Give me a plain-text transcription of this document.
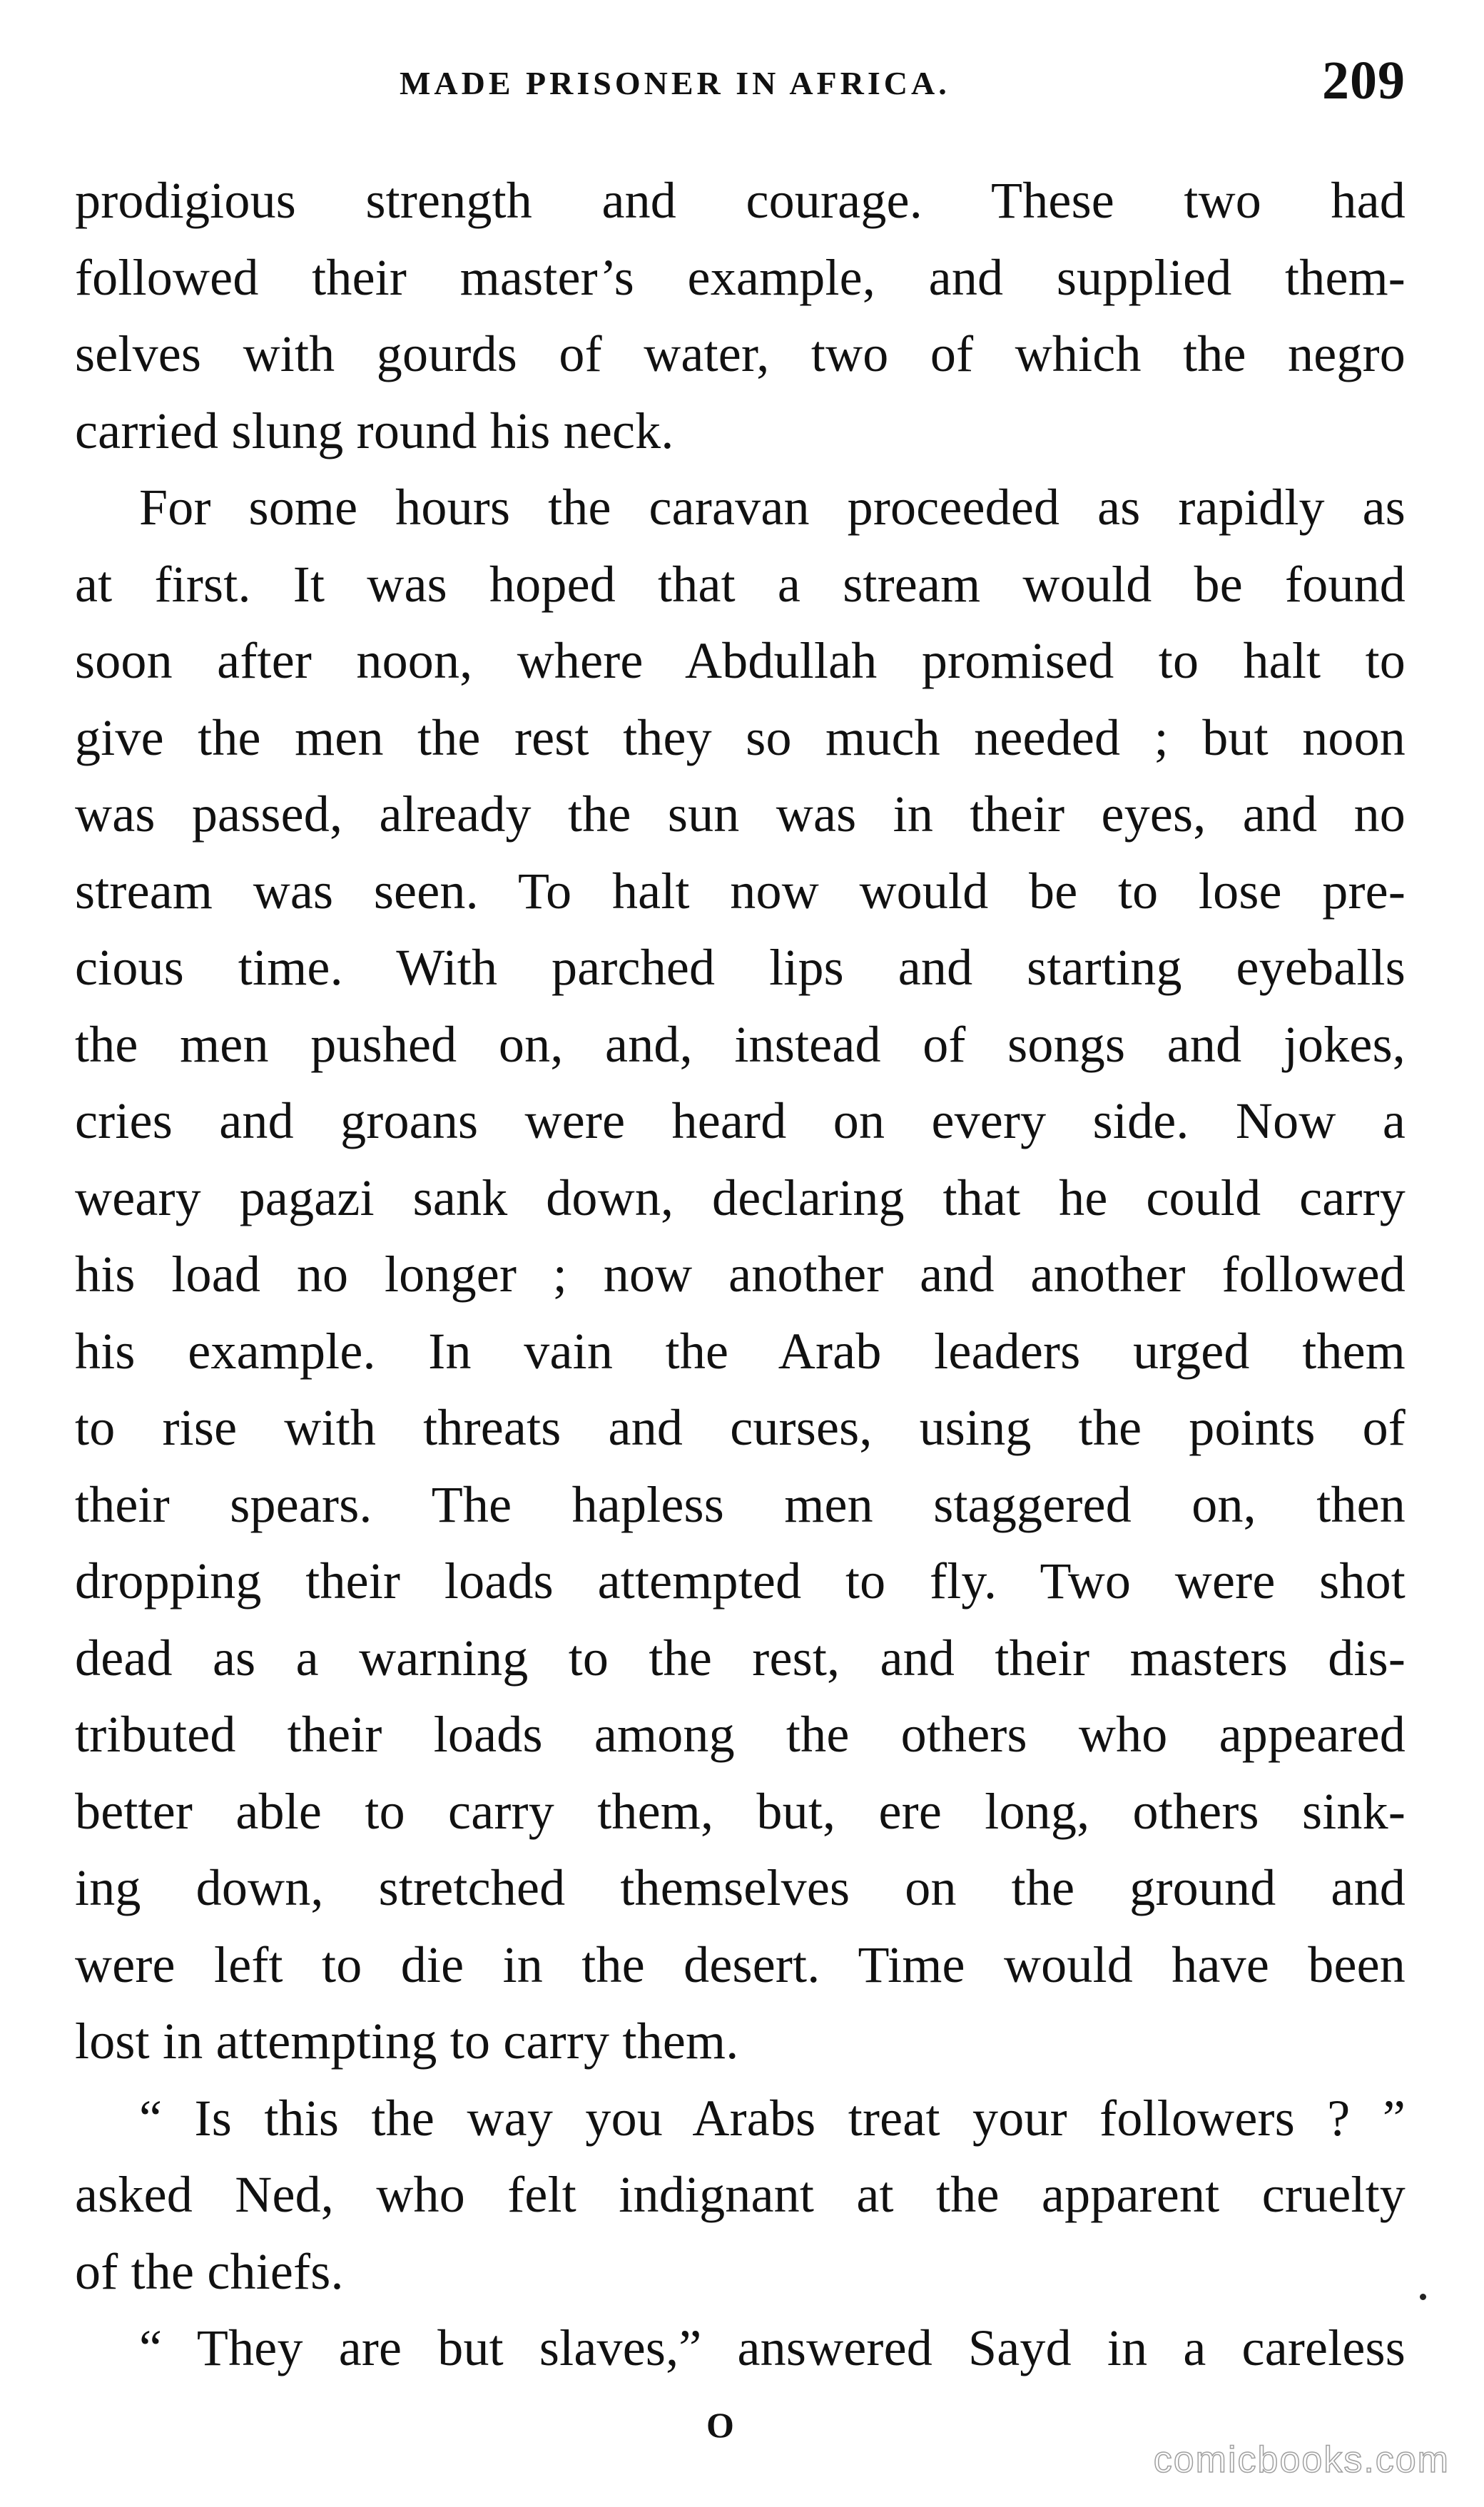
MADE PRISONER IN AFRICA.	209
prodigious strength and courage. These two had
followed their master’s example, and supplied them-
selves with gourds of water, two of which the negro
carried slung round his neck.
For some hours the caravan proceeded as rapidly as
at first. It was hoped that a stream would be found
soon after noon, where Abdullah promised to halt to
give the men the rest they so much needed ; but noon
was passed, already the sun was in their eyes, and no
stream was seen. To halt now would be to lose pre-
cious time. With parched lips and starting eyeballs
the men pushed on, and, instead of songs and jokes,
cries and groans were heard on every side. Now a
weary pagazi sank down, declaring that he could carry
his load no longer ; now another and another followed
his example. In vain the Arab leaders urged them
to rise with threats and curses, using the points of
their spears. The hapless men staggered on, then
dropping their loads attempted to fly. Two were shot
dead as a warning to the rest, and their masters dis-
tributed their loads among the others who appeared
better able to carry them, but, ere long, others sink-
ing down, stretched themselves on the ground and
were left to die in the desert. Time would have been
lost in attempting to carry them.
“ Is this the way you Arabs treat your followers ? ”
asked Ned, who felt indignant at the apparent cruelty
of the chiefs.
“ They are but slaves,” answered Sayd in a careless
O
comicbooks.com
